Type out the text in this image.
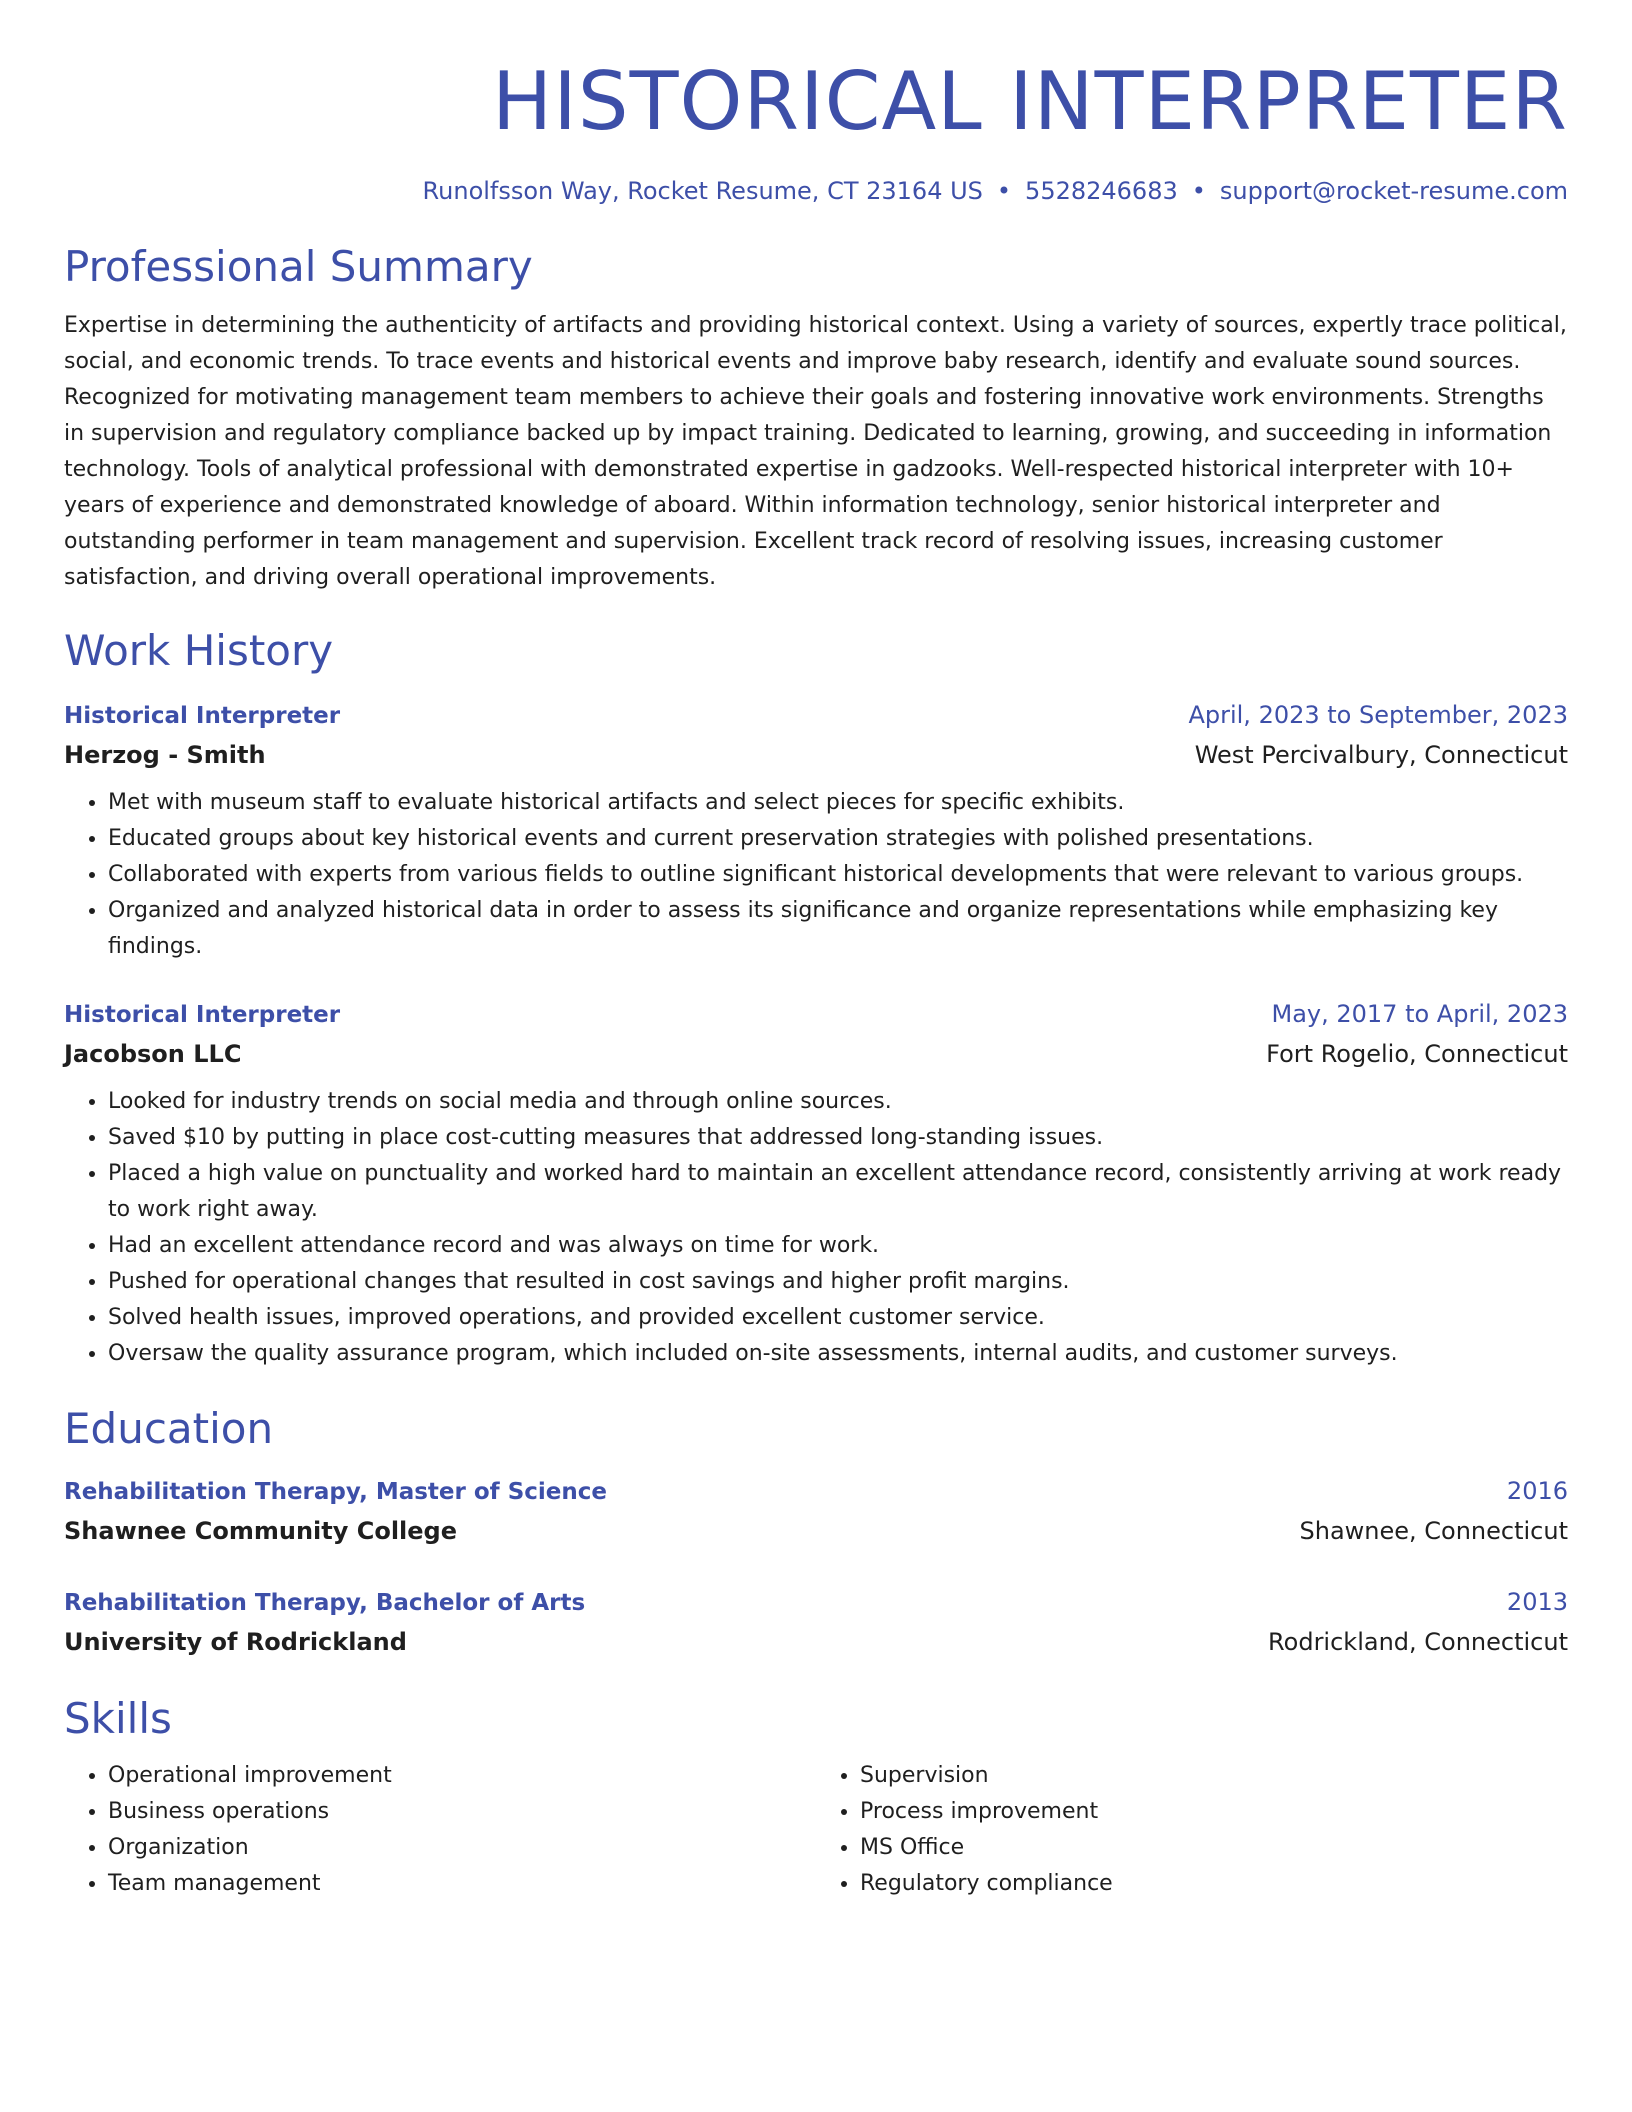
HISTORICAL INTERPRETER
Runolfsson Way, Rocket Resume, CT 23164 US • 5528246683 • support@rocket-resume.com
Professional Summary

Expertise in determining the authenticity of artifacts and providing historical context. Using a variety of sources, expertly trace political, social, and economic trends. To trace events and historical events and improve baby research, identify and evaluate sound sources. Recognized for motivating management team members to achieve their goals and fostering innovative work environments. Strengths in supervision and regulatory compliance backed up by impact training. Dedicated to learning, growing, and succeeding in information technology. Tools of analytical professional with demonstrated expertise in gadzooks. Well-respected historical interpreter with 10+ years of experience and demonstrated knowledge of aboard. Within information technology, senior historical interpreter and outstanding performer in team management and supervision. Excellent track record of resolving issues, increasing customer satisfaction, and driving overall operational improvements.

Work History
Historical Interpreter	April, 2023 to September, 2023
Herzog - Smith	West Percivalbury, Connecticut
• Met with museum staff to evaluate historical artifacts and select pieces for specific exhibits.
• Educated groups about key historical events and current preservation strategies with polished presentations.
• Collaborated with experts from various fields to outline significant historical developments that were relevant to various groups.
• Organized and analyzed historical data in order to assess its significance and organize representations while emphasizing key findings.
Historical Interpreter	May, 2017 to April, 2023
Jacobson LLC	Fort Rogelio, Connecticut
• Looked for industry trends on social media and through online sources.
• Saved $10 by putting in place cost-cutting measures that addressed long-standing issues.
• Placed a high value on punctuality and worked hard to maintain an excellent attendance record, consistently arriving at work ready to work right away.
• Had an excellent attendance record and was always on time for work.
• Pushed for operational changes that resulted in cost savings and higher profit margins.
• Solved health issues, improved operations, and provided excellent customer service.
• Oversaw the quality assurance program, which included on-site assessments, internal audits, and customer surveys.
Education
Rehabilitation Therapy, Master of Science	2016
Shawnee Community College	Shawnee, Connecticut
Rehabilitation Therapy, Bachelor of Arts	2013
University of Rodrickland	Rodrickland, Connecticut
Skills
• Operational improvement
• Business operations
• Organization
• Team management
• Supervision
• Process improvement
• MS Office
• Regulatory compliance
